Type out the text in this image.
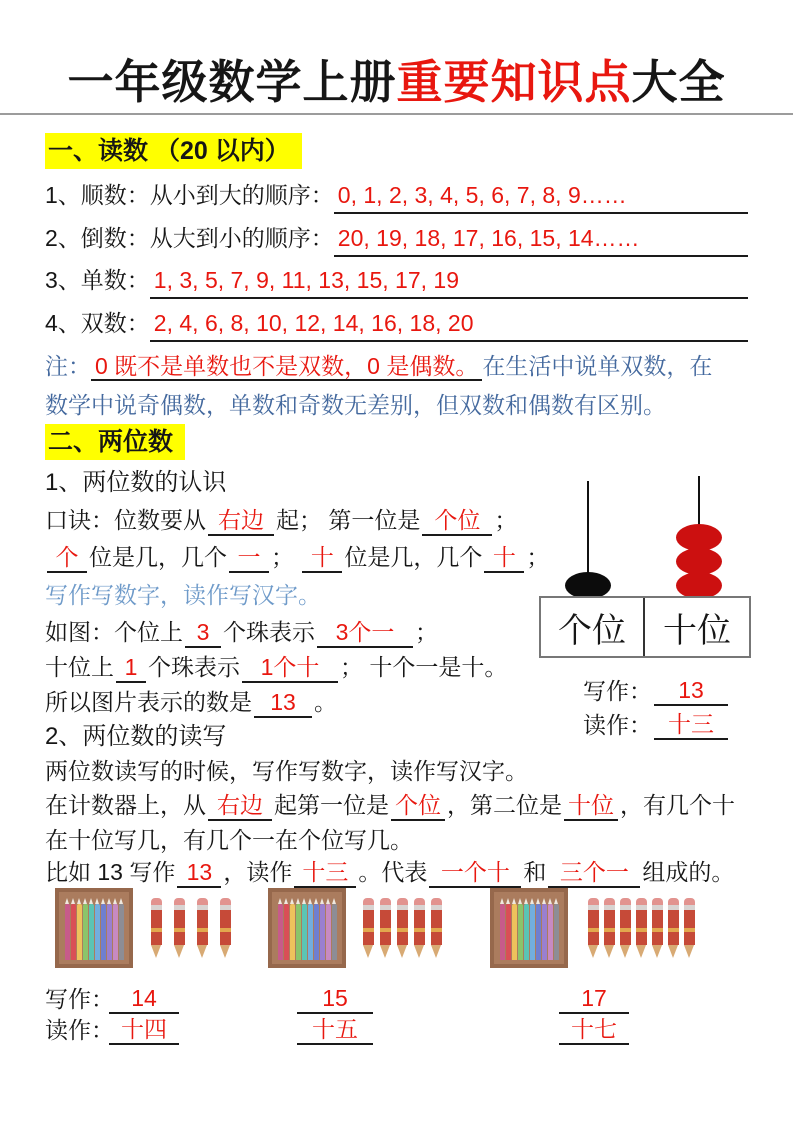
一年级数学上册重要知识点大全
一、读数 （20 以内）
1、顺数：从小到大的顺序： 0, 1, 2, 3, 4, 5, 6, 7, 8, 9……
2、倒数：从大到小的顺序： 20, 19, 18, 17, 16, 15, 14……
3、单数： 1, 3, 5, 7, 9, 11, 13, 15, 17, 19
4、双数： 2, 4, 6, 8, 10, 12, 14, 16, 18, 20
注： 0 既不是单数也不是双数，0 是偶数。 在生活中说单双数，在
数学中说奇偶数，单数和奇数无差别，但双数和偶数有区别。
二、两位数
1、两位数的认识
口诀：位数要从 右边 起； 第一位是 个位 ；
个 位是几，几个 一 ； 十 位是几，几个 十 ；
写作写数字，读作写汉字。
如图：个位上 3 个珠表示 3个一 ；
十位上 1 个珠表示 1个十 ； 十个一是十。
所以图片表示的数是 13 。
2、两位数的读写
个位	十位
写作： 13
读作： 十三
两位数读写的时候，写作写数字，读作写汉字。
在计数器上，从 右边 起第一位是 个位 ，第二位是 十位 ，有几个十
在十位写几，有几个一在个位写几。
比如 13 写作 13 ，读作 十三 。代表 一个十 和 三个一 组成的。
写作： 14	15	17
读作： 十四	十五	十七
